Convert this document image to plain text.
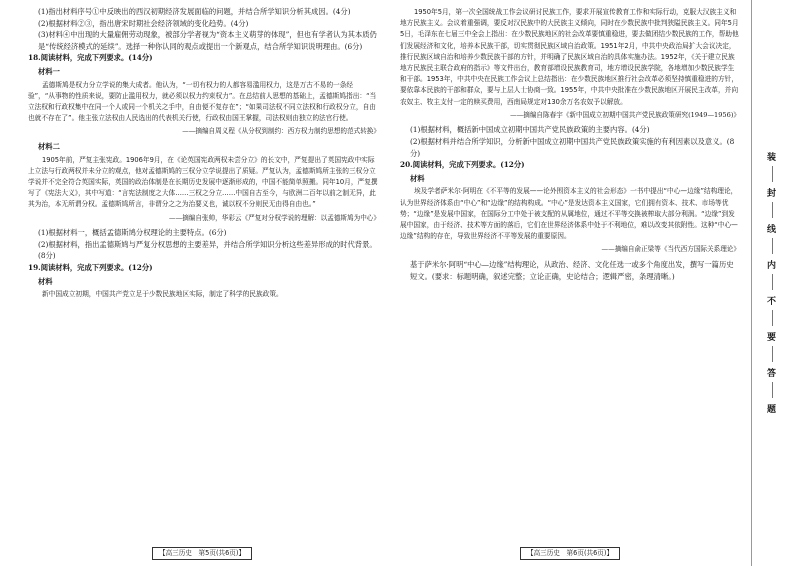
(1)指出材料序号①中反映出的西汉初期经济发展面临的问题，并结合所学知识分析其成因。(4分)

(2)根据材料②③，指出唐宋时期社会经济领域的变化趋势。(4分)

(3)材料④中出现的大量雇佣劳动现象，被部分学者视为“资本主义萌芽的体现”，但也有学者认为其本质仍是“传统经济模式的延续”。选择一种你认同的观点或提出一个新观点，结合所学知识说明理由。(6分)

18.阅读材料，完成下列要求。(14分)

材料一

孟德斯鸠是权力分立学说的集大成者。他认为，“一切有权力的人都容易滥用权力，这是万古不易的一条经验”，“从事物的性质来说，要防止滥用权力，就必须以权力约束权力”。在总结前人思想的基础上，孟德斯鸠指出：“当立法权和行政权集中在同一个人或同一个机关之手中，自由便不复存在”；“如果司法权不同立法权和行政权分立，自由也就不存在了”。他主张立法权由人民选出的代表机关行使，行政权由国王掌握，司法权则由独立的法官行使。

——摘编自周义程《从分权到制约：西方权力制约思想的范式转换》

材料二

1905年前，严复主张宪政。1906年9月，在《论英国宪政两权未尝分立》的长文中，严复提出了英国宪政中实际上立法与行政两权并未分立的观点，他对孟德斯鸠的三权分立学说提出了质疑。严复认为，孟德斯鸠所主张的三权分立学说并不完全符合英国实际，英国的政治体制是在长期历史发展中逐渐形成的，中国不能简单照搬。同年10月，严复撰写了《宪法大义》，其中写道：“言宪法制度之大体……三权之分立……中国自古至今，与欧洲二百年以前之制无异，此其为治，本无所谓分权。孟德斯鸠所言，非谓分之之为治要义也，诚以权不分则民无由得自由也。”

——摘编自张帅，华彩云《严复对分权学说的理解：以孟德斯鸠为中心》

(1)根据材料一，概括孟德斯鸠分权理论的主要特点。(6分)

(2)根据材料，指出孟德斯鸠与严复分权思想的主要差异，并结合所学知识分析这些差异形成的时代背景。(8分)

19.阅读材料，完成下列要求。(12分)

材料

新中国成立初期，中国共产党立足于少数民族地区实际，制定了科学的民族政策。

1950年5月，第一次全国统战工作会议研讨民族工作，要求开展宣传教育工作和实际行动，克服大汉族主义和地方民族主义。会议着重强调，要反对汉民族中的大民族主义倾向，同时在少数民族中批判狭隘民族主义。同年5月5日，毛泽东在七届三中全会上指出：在少数民族地区的社会改革要慎重稳进，要去做团结少数民族的工作，帮助他们发展经济和文化，培养本民族干部，切实贯彻民族区域自治政策。1951年2月，中共中央政治局扩大会议决定，推行民族区域自治和培养少数民族干部的方针，并明确了民族区域自治的具体实施办法。1952年，《关于建立民族地方民族民主联合政府的指示》等文件出台，教育部增设民族教育司，地方增设民族学院，各地增加少数民族学生和干部。1953年，中共中央在民族工作会议上总结指出：在少数民族地区推行社会改革必须坚持慎重稳进的方针，要依靠本民族的干部和群众，要与上层人士协商一致。1955年，中共中央批准在少数民族地区开展民主改革，并向农奴主、牧主支付一定的赎买费用，西南局规定对130余万名农奴予以解放。

——摘编自陈春宇《新中国成立初期中国共产党民族政策研究(1949—1956)》

(1)根据材料，概括新中国成立初期中国共产党民族政策的主要内容。(4分)

(2)根据材料并结合所学知识，分析新中国成立初期中国共产党民族政策实施的有利因素以及意义。(8分)

20.阅读材料，完成下列要求。(12分)

材料

埃及学者萨米尔·阿明在《不平等的发展——论外围资本主义的社会形态》一书中提出“中心—边缘”结构理论，认为世界经济体系由“中心”和“边缘”的结构构成。“中心”是发达资本主义国家，它们拥有资本、技术、市场等优势；“边缘”是发展中国家，在国际分工中处于被支配的从属地位，通过不平等交换被榨取大部分利润。“边缘”到发展中国家，由于经济、技术等方面的落后，它们在世界经济体系中处于不利地位，难以改变其依附性。这种“中心—边缘”结构的存在，导致世界经济不平等发展的重要原因。

——摘编自俞正梁等《当代西方国际关系理论》

基于萨米尔·阿明“中心—边缘”结构理论，从政治、经济、文化任选一或多个角度出发，撰写一篇历史短文。(要求：标题明确，叙述完整；立论正确，史论结合；逻辑严密，条理清晰。)

【高三历史　第5页(共6页)】	【高三历史　第6页(共6页)】
装
封
线
内
不
要
答
题
